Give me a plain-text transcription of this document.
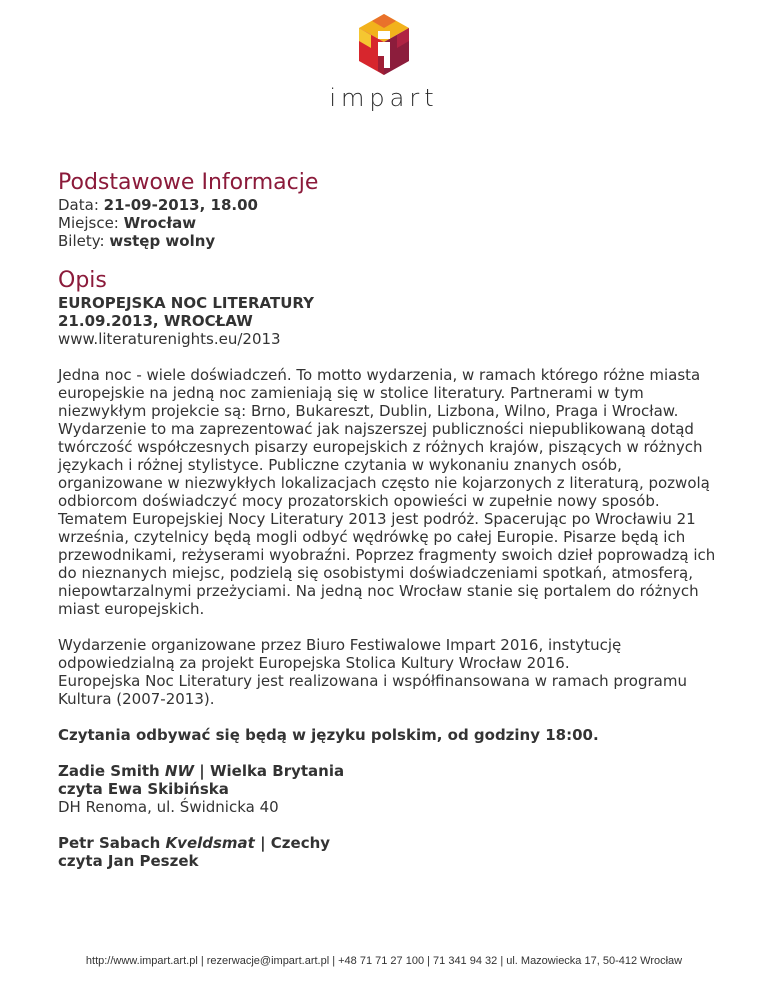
impart
Podstawowe Informacje
Data: 21-09-2013, 18.00
Miejsce: Wrocław
Bilety: wstęp wolny
Opis
EUROPEJSKA NOC LITERATURY
21.09.2013, WROCŁAW

www.literaturenights.eu/2013

Jedna noc - wiele doświadczeń. To motto wydarzenia, w ramach którego różne miasta europejskie na jedną noc zamieniają się w stolice literatury. Partnerami w tym niezwykłym projekcie są: Brno, Bukareszt, Dublin, Lizbona, Wilno, Praga i Wrocław.

Wydarzenie to ma zaprezentować jak najszerszej publiczności niepublikowaną dotąd twórczość współczesnych pisarzy europejskich z różnych krajów, piszących w różnych językach i różnej stylistyce. Publiczne czytania w wykonaniu znanych osób, organizowane w niezwykłych lokalizacjach często nie kojarzonych z literaturą, pozwolą odbiorcom doświadczyć mocy prozatorskich opowieści w zupełnie nowy sposób.

Tematem Europejskiej Nocy Literatury 2013 jest podróż. Spacerując po Wrocławiu 21 września, czytelnicy będą mogli odbyć wędrówkę po całej Europie. Pisarze będą ich przewodnikami, reżyserami wyobraźni. Poprzez fragmenty swoich dzieł poprowadzą ich do nieznanych miejsc, podzielą się osobistymi doświadczeniami spotkań, atmosferą, niepowtarzalnymi przeżyciami. Na jedną noc Wrocław stanie się portalem do różnych miast europejskich.

Wydarzenie organizowane przez Biuro Festiwalowe Impart 2016, instytucję odpowiedzialną za projekt Europejska Stolica Kultury Wrocław 2016.

Europejska Noc Literatury jest realizowana i współfinansowana w ramach programu Kultura (2007-2013).

Czytania odbywać się będą w języku polskim, od godziny 18:00.
Zadie Smith NW | Wielka Brytania
czyta Ewa Skibińska

DH Renoma, ul. Świdnicka 40

Petr Sabach Kveldsmat | Czechy
czyta Jan Peszek
http://www.impart.art.pl | rezerwacje@impart.art.pl | +48 71 71 27 100 | 71 341 94 32 | ul. Mazowiecka 17, 50-412 Wrocław
